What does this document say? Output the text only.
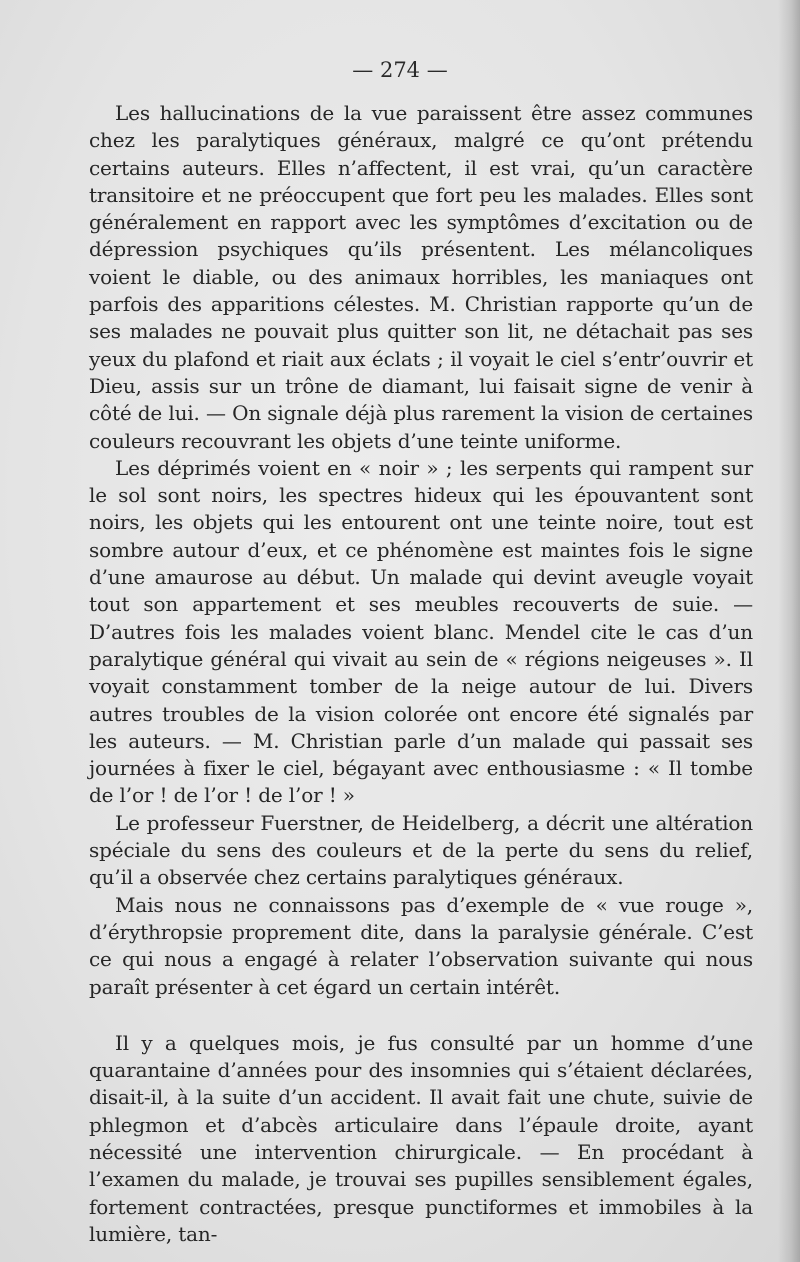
— 274 —

Les hallucinations de la vue paraissent être assez communes chez les paralytiques généraux, malgré ce qu’ont prétendu certains auteurs. Elles n’affectent, il est vrai, qu’un caractère transitoire et ne préoccupent que fort peu les malades. Elles sont généralement en rapport avec les symptômes d’excitation ou de dépression psychiques qu’ils présentent. Les mélancoliques voient le diable, ou des animaux horribles, les maniaques ont parfois des apparitions célestes. M. Christian rapporte qu’un de ses malades ne pouvait plus quitter son lit, ne détachait pas ses yeux du plafond et riait aux éclats ; il voyait le ciel s’entr’ouvrir et Dieu, assis sur un trône de diamant, lui faisait signe de venir à côté de lui. — On signale déjà plus rarement la vision de certaines couleurs recouvrant les objets d’une teinte uniforme.

Les déprimés voient en « noir » ; les serpents qui rampent sur le sol sont noirs, les spectres hideux qui les épouvantent sont noirs, les objets qui les entourent ont une teinte noire, tout est sombre autour d’eux, et ce phénomène est maintes fois le signe d’une amaurose au début. Un malade qui devint aveugle voyait tout son appartement et ses meubles recouverts de suie. — D’autres fois les malades voient blanc. Mendel cite le cas d’un paralytique général qui vivait au sein de « régions neigeuses ». Il voyait constamment tomber de la neige autour de lui. Divers autres troubles de la vision colorée ont encore été signalés par les auteurs. — M. Christian parle d’un malade qui passait ses journées à fixer le ciel, bégayant avec enthousiasme : « Il tombe de l’or ! de l’or ! de l’or ! »

Le professeur Fuerstner, de Heidelberg, a décrit une altération spéciale du sens des couleurs et de la perte du sens du relief, qu’il a observée chez certains paralytiques généraux.

Mais nous ne connaissons pas d’exemple de « vue rouge », d’érythropsie proprement dite, dans la paralysie générale. C’est ce qui nous a engagé à relater l’observation suivante qui nous paraît présenter à cet égard un certain intérêt.

Il y a quelques mois, je fus consulté par un homme d’une quarantaine d’années pour des insomnies qui s’étaient déclarées, disait-il, à la suite d’un accident. Il avait fait une chute, suivie de phlegmon et d’abcès articulaire dans l’épaule droite, ayant nécessité une intervention chirurgicale. — En procédant à l’examen du malade, je trouvai ses pupilles sensiblement égales, fortement contractées, presque punctiformes et immobiles à la lumière, tan-
